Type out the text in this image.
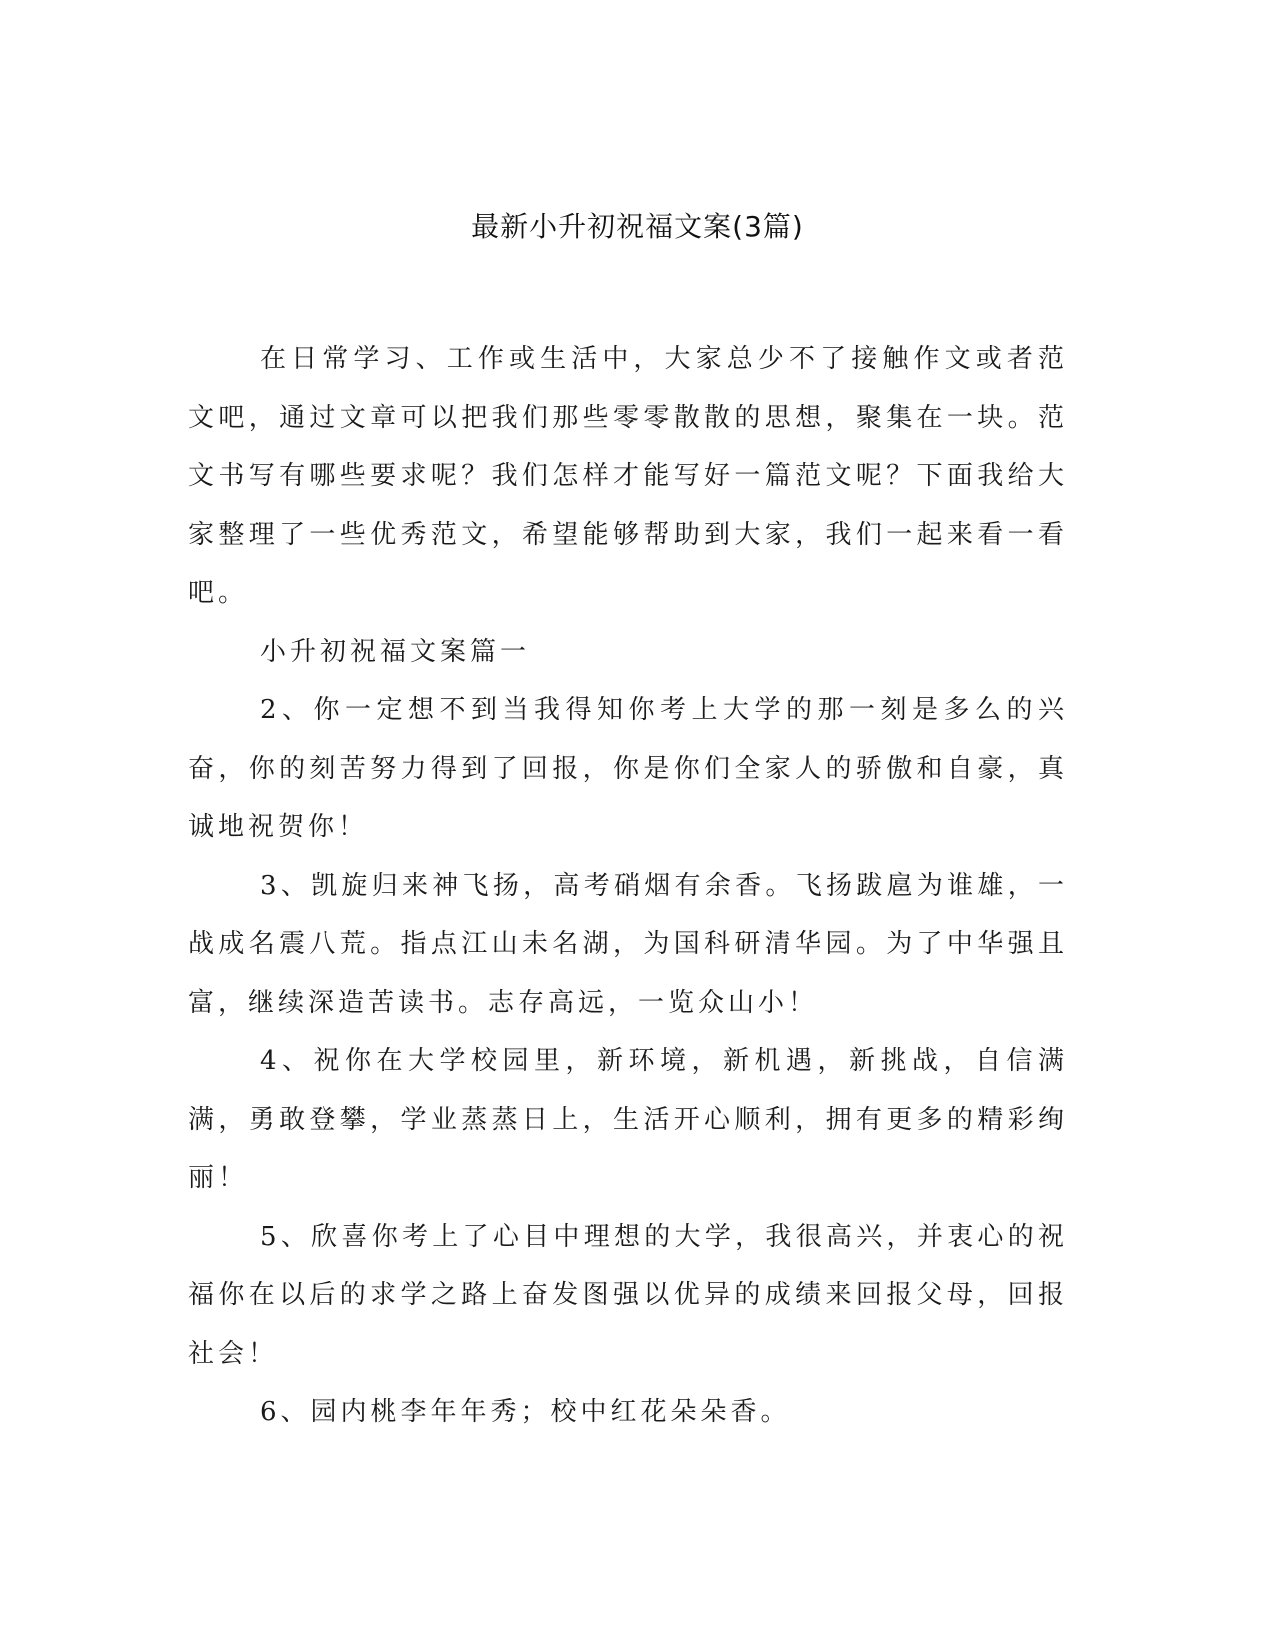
最新小升初祝福文案(3篇)

在日常学习、工作或生活中，大家总少不了接触作文或者范文吧，通过文章可以把我们那些零零散散的思想，聚集在一块。范文书写有哪些要求呢？我们怎样才能写好一篇范文呢？下面我给大家整理了一些优秀范文，希望能够帮助到大家，我们一起来看一看吧。

小升初祝福文案篇一

2、你一定想不到当我得知你考上大学的那一刻是多么的兴奋，你的刻苦努力得到了回报，你是你们全家人的骄傲和自豪，真诚地祝贺你！

3、凯旋归来神飞扬，高考硝烟有余香。飞扬跋扈为谁雄，一战成名震八荒。指点江山未名湖，为国科研清华园。为了中华强且富，继续深造苦读书。志存高远，一览众山小！

4、祝你在大学校园里，新环境，新机遇，新挑战，自信满满，勇敢登攀，学业蒸蒸日上，生活开心顺利，拥有更多的精彩绚丽！

5、欣喜你考上了心目中理想的大学，我很高兴，并衷心的祝福你在以后的求学之路上奋发图强以优异的成绩来回报父母，回报社会！

6、园内桃李年年秀；校中红花朵朵香。
